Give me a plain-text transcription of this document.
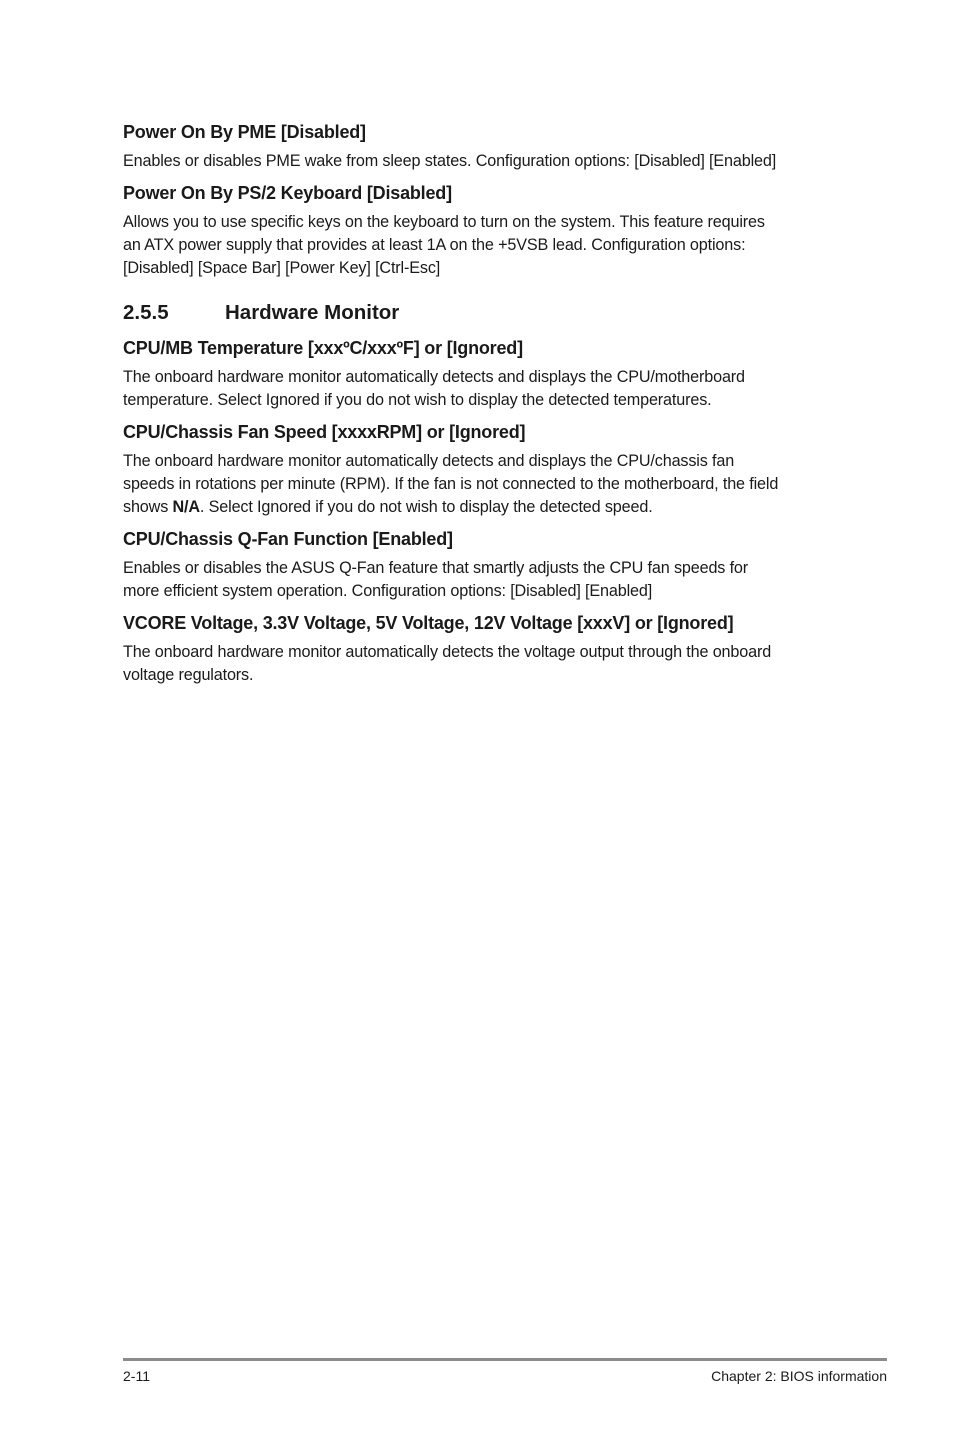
Power On By PME [Disabled]
Enables or disables PME wake from sleep states. Configuration options: [Disabled] [Enabled]
Power On By PS/2 Keyboard [Disabled]
Allows you to use specific keys on the keyboard to turn on the system. This feature requires
an ATX power supply that provides at least 1A on the +5VSB lead. Configuration options:
[Disabled] [Space Bar] [Power Key] [Ctrl-Esc]
2.5.5	Hardware Monitor
CPU/MB Temperature [xxxºC/xxxºF] or [Ignored]
The onboard hardware monitor automatically detects and displays the CPU/motherboard
temperature. Select Ignored if you do not wish to display the detected temperatures.
CPU/Chassis Fan Speed [xxxxRPM] or [Ignored]
The onboard hardware monitor automatically detects and displays the CPU/chassis fan
speeds in rotations per minute (RPM). If the fan is not connected to the motherboard, the field
shows N/A. Select Ignored if you do not wish to display the detected speed.
CPU/Chassis Q-Fan Function [Enabled]
Enables or disables the ASUS Q-Fan feature that smartly adjusts the CPU fan speeds for
more efficient system operation. Configuration options: [Disabled] [Enabled]
VCORE Voltage, 3.3V Voltage, 5V Voltage, 12V Voltage [xxxV] or [Ignored]
The onboard hardware monitor automatically detects the voltage output through the onboard
voltage regulators.
2-11	Chapter 2: BIOS information
